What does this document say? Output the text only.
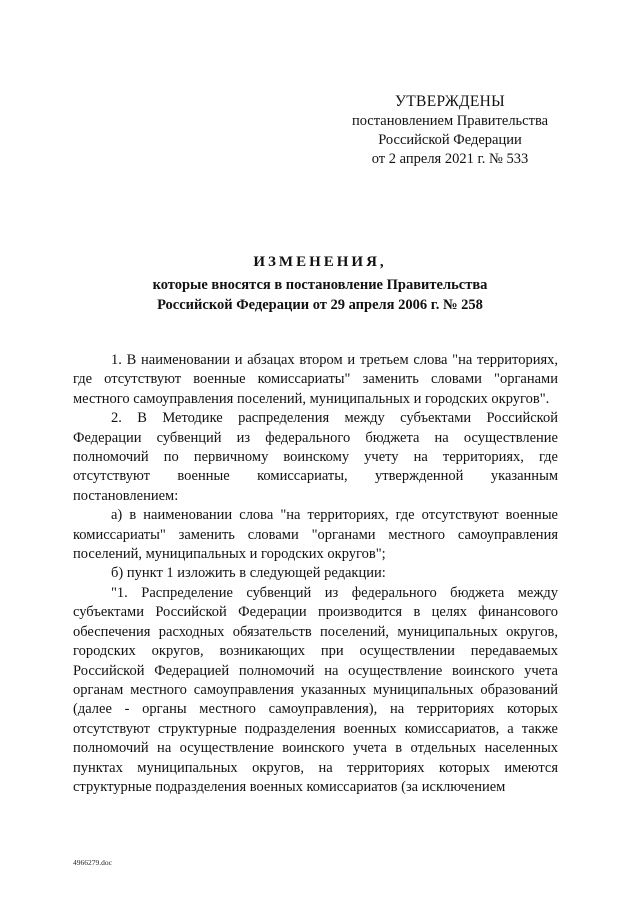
УТВЕРЖДЕНЫ
постановлением Правительства
Российской Федерации
от 2 апреля 2021 г. № 533
ИЗМЕНЕНИЯ,
которые вносятся в постановление Правительства
Российской Федерации от 29 апреля 2006 г. № 258

1. В наименовании и абзацах втором и третьем слова "на территориях, где отсутствуют военные комиссариаты" заменить словами "органами местного самоуправления поселений, муниципальных и городских округов".

2. В Методике распределения между субъектами Российской Федерации субвенций из федерального бюджета на осуществление полномочий по первичному воинскому учету на территориях, где отсутствуют военные комиссариаты, утвержденной указанным постановлением:

а) в наименовании слова "на территориях, где отсутствуют военные комиссариаты" заменить словами "органами местного самоуправления поселений, муниципальных и городских округов";

б) пункт 1 изложить в следующей редакции:

"1. Распределение субвенций из федерального бюджета между субъектами Российской Федерации производится в целях финансового обеспечения расходных обязательств поселений, муниципальных округов, городских округов, возникающих при осуществлении передаваемых Российской Федерацией полномочий на осуществление воинского учета органам местного самоуправления указанных муниципальных образований (далее - органы местного самоуправления), на территориях которых отсутствуют структурные подразделения военных комиссариатов, а также полномочий на осуществление воинского учета в отдельных населенных пунктах муниципальных округов, на территориях которых имеются структурные подразделения военных комиссариатов (за исключением

4966279.doc
